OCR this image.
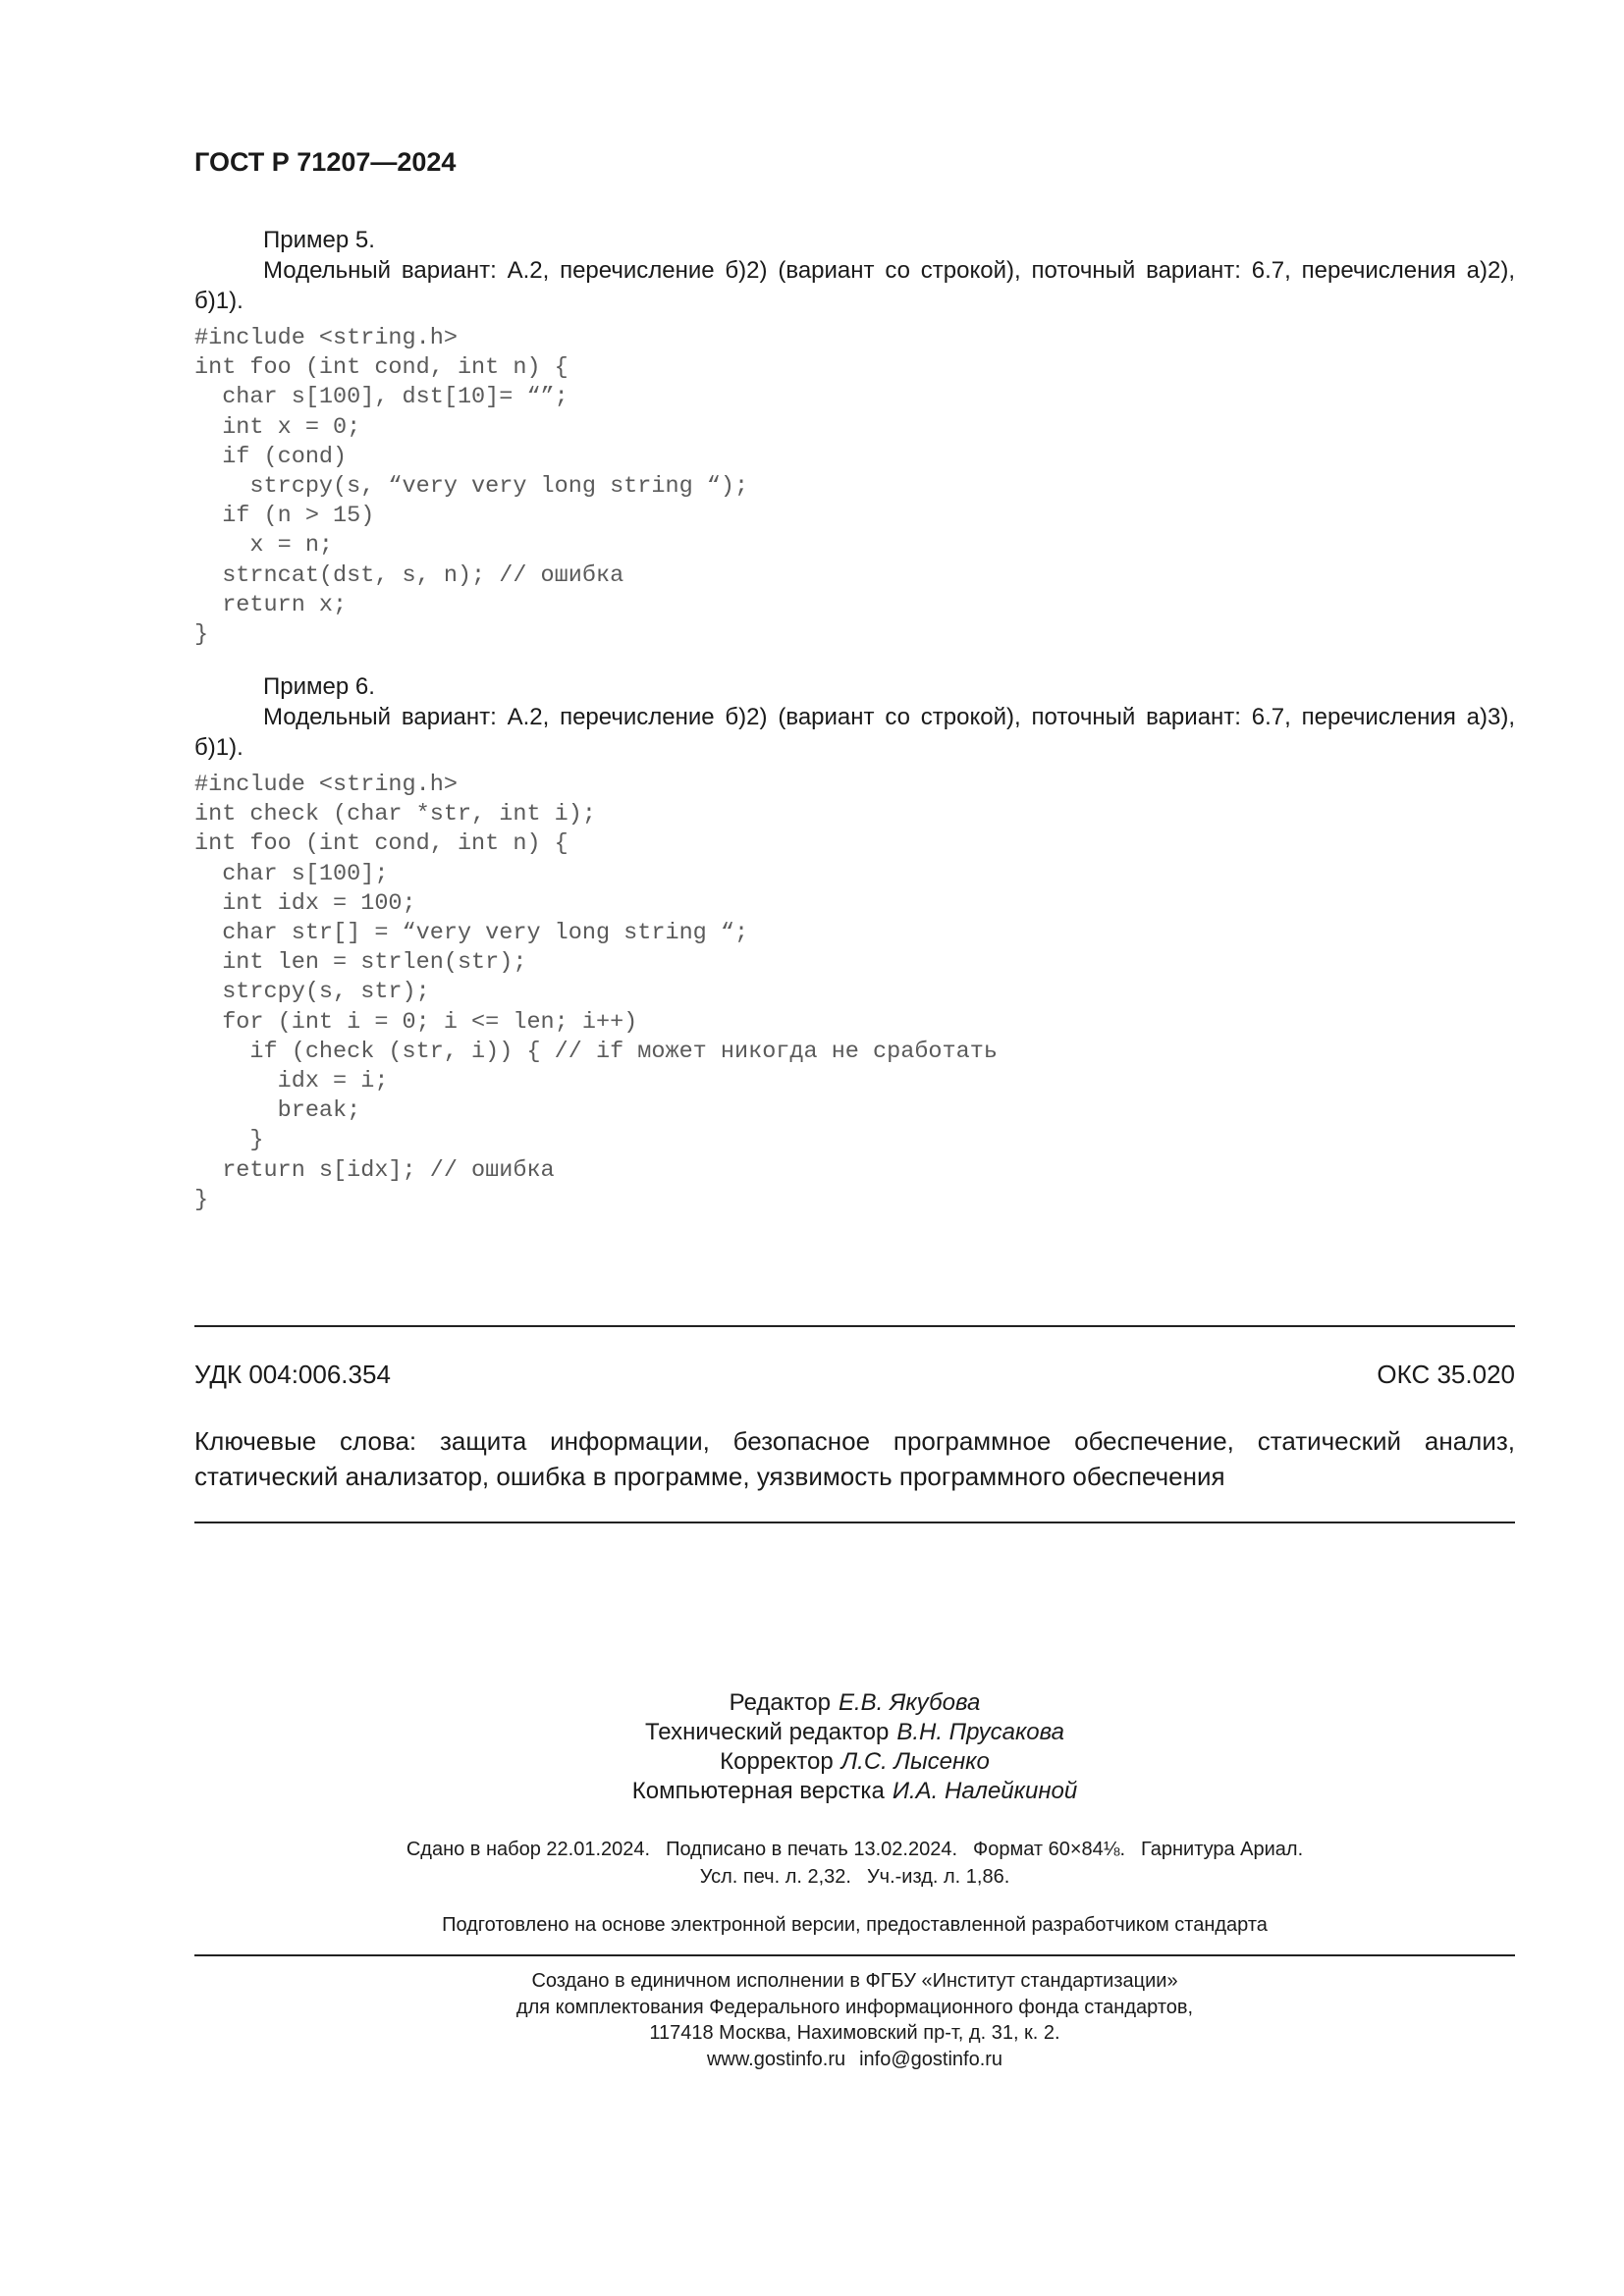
ГОСТ Р 71207—2024

Пример 5.

Модельный вариант: А.2, перечисление б)2) (вариант со строкой), поточный вариант: 6.7, перечисления а)2), б)1).

#include <string.h>
int foo (int cond, int n) {
char s[100], dst[10]= “”;
int x = 0;
if (cond)
strcpy(s, “very very long string “);
if (n > 15)
x = n;
strncat(dst, s, n); // ошибка
return x;
}

Пример 6.

Модельный вариант: А.2, перечисление б)2) (вариант со строкой), поточный вариант: 6.7, перечисления а)3), б)1).

#include <string.h>
int check (char *str, int i);
int foo (int cond, int n) {
char s[100];
int idx = 100;
char str[] = “very very long string “;
int len = strlen(str);
strcpy(s, str);
for (int i = 0; i <= len; i++)
if (check (str, i)) { // if может никогда не сработать
idx = i;
break;
}
return s[idx]; // ошибка
}
УДК 004:006.354	ОКС 35.020

Ключевые слова: защита информации, безопасное программное обеспечение, статический анализ, статический анализатор, ошибка в программе, уязвимость программного обеспечения

Редактор Е.В. Якубова
Технический редактор В.Н. Прусакова
Корректор Л.С. Лысенко
Компьютерная верстка И.А. Налейкиной
Сдано в набор 22.01.2024. Подписано в печать 13.02.2024. Формат 60×84⅛. Гарнитура Ариал.
Усл. печ. л. 2,32. Уч.-изд. л. 1,86.

Подготовлено на основе электронной версии, предоставленной разработчиком стандарта

Создано в единичном исполнении в ФГБУ «Институт стандартизации»
для комплектования Федерального информационного фонда стандартов,
117418 Москва, Нахимовский пр-т, д. 31, к. 2.
www.gostinfo.ru info@gostinfo.ru
